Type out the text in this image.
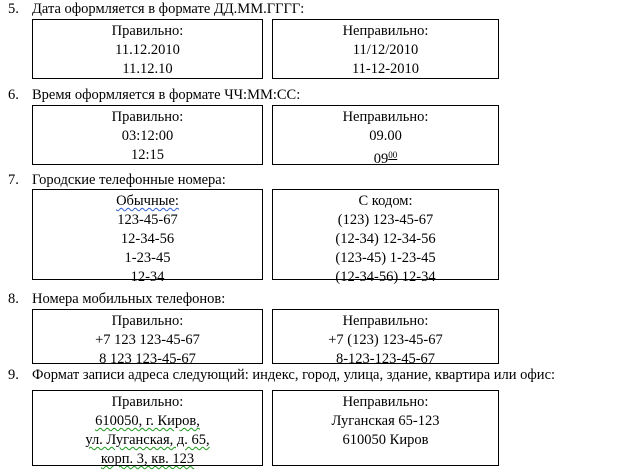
5. Дата оформляется в формате ДД.ММ.ГГГГ:
Правильно:
11.12.2010
11.12.10
Неправильно:
11/12/2010
11-12-2010
6. Время оформляется в формате ЧЧ:ММ:СС:
Правильно:
03:12:00
12:15
Неправильно:
09.00
$09^{00}$
7. Городские телефонные номера:
Обычные:
123-45-67
12-34-56
1-23-45
12-34
С кодом:
(123) 123-45-67
(12-34) 12-34-56
(123-45) 1-23-45
(12-34-56) 12-34
8. Номера мобильных телефонов:
Правильно:
+7 123 123-45-67
8 123 123-45-67
Неправильно:
+7 (123) 123-45-67
8-123-123-45-67
9. Формат записи адреса следующий: индекс, город, улица, здание, квартира или офис:
Правильно:
610050, г. Киров,
ул. Луганская, д. 65,
корп. 3, кв. 123
Неправильно:
Луганская 65-123
610050 Киров
